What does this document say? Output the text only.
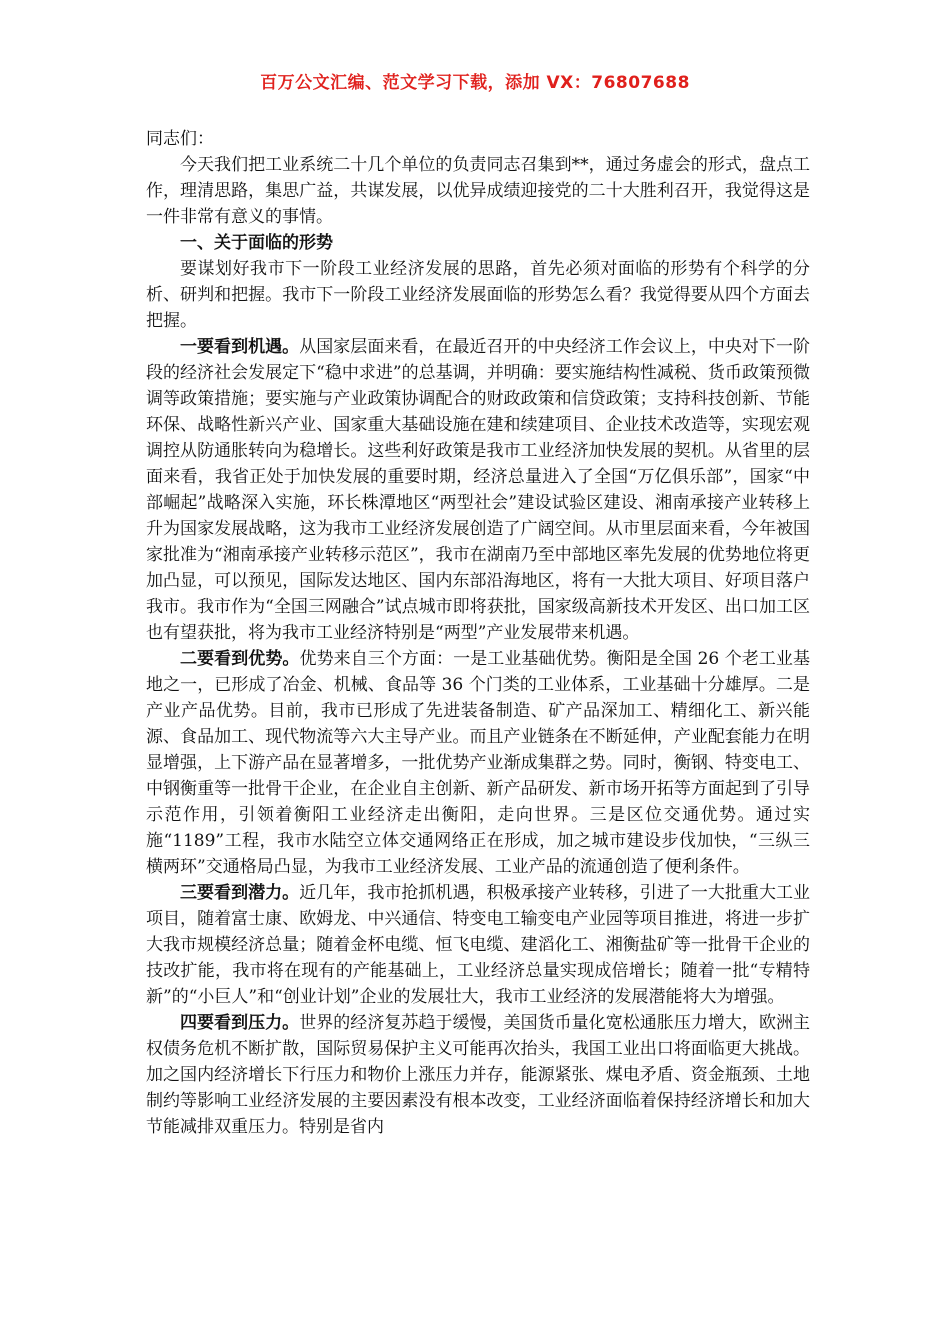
百万公文汇编、范文学习下载，添加 VX：76807688

同志们：

今天我们把工业系统二十几个单位的负责同志召集到**，通过务虚会的形式，盘点工作，理清思路，集思广益，共谋发展，以优异成绩迎接党的二十大胜利召开，我觉得这是一件非常有意义的事情。

一、关于面临的形势

要谋划好我市下一阶段工业经济发展的思路，首先必须对面临的形势有个科学的分析、研判和把握。我市下一阶段工业经济发展面临的形势怎么看？我觉得要从四个方面去把握。

一要看到机遇。从国家层面来看，在最近召开的中央经济工作会议上，中央对下一阶段的经济社会发展定下“稳中求进”的总基调，并明确：要实施结构性减税、货币政策预微调等政策措施；要实施与产业政策协调配合的财政政策和信贷政策；支持科技创新、节能环保、战略性新兴产业、国家重大基础设施在建和续建项目、企业技术改造等，实现宏观调控从防通胀转向为稳增长。这些利好政策是我市工业经济加快发展的契机。从省里的层面来看，我省正处于加快发展的重要时期，经济总量进入了全国“万亿俱乐部”，国家“中部崛起”战略深入实施，环长株潭地区“两型社会”建设试验区建设、湘南承接产业转移上升为国家发展战略，这为我市工业经济发展创造了广阔空间。从市里层面来看，今年被国家批准为“湘南承接产业转移示范区”，我市在湖南乃至中部地区率先发展的优势地位将更加凸显，可以预见，国际发达地区、国内东部沿海地区，将有一大批大项目、好项目落户我市。我市作为“全国三网融合”试点城市即将获批，国家级高新技术开发区、出口加工区也有望获批，将为我市工业经济特别是“两型”产业发展带来机遇。

二要看到优势。优势来自三个方面：一是工业基础优势。衡阳是全国 26 个老工业基地之一，已形成了冶金、机械、食品等 36 个门类的工业体系，工业基础十分雄厚。二是产业产品优势。目前，我市已形成了先进装备制造、矿产品深加工、精细化工、新兴能源、食品加工、现代物流等六大主导产业。而且产业链条在不断延伸，产业配套能力在明显增强，上下游产品在显著增多，一批优势产业渐成集群之势。同时，衡钢、特变电工、中钢衡重等一批骨干企业，在企业自主创新、新产品研发、新市场开拓等方面起到了引导示范作用，引领着衡阳工业经济走出衡阳，走向世界。三是区位交通优势。通过实施“1189”工程，我市水陆空立体交通网络正在形成，加之城市建设步伐加快，“三纵三横两环”交通格局凸显，为我市工业经济发展、工业产品的流通创造了便利条件。

三要看到潜力。近几年，我市抢抓机遇，积极承接产业转移，引进了一大批重大工业项目，随着富士康、欧姆龙、中兴通信、特变电工输变电产业园等项目推进，将进一步扩大我市规模经济总量；随着金杯电缆、恒飞电缆、建滔化工、湘衡盐矿等一批骨干企业的技改扩能，我市将在现有的产能基础上，工业经济总量实现成倍增长；随着一批“专精特新”的“小巨人”和“创业计划”企业的发展壮大，我市工业经济的发展潜能将大为增强。

四要看到压力。世界的经济复苏趋于缓慢，美国货币量化宽松通胀压力增大，欧洲主权债务危机不断扩散，国际贸易保护主义可能再次抬头，我国工业出口将面临更大挑战。加之国内经济增长下行压力和物价上涨压力并存，能源紧张、煤电矛盾、资金瓶颈、土地制约等影响工业经济发展的主要因素没有根本改变，工业经济面临着保持经济增长和加大节能减排双重压力。特别是省内
